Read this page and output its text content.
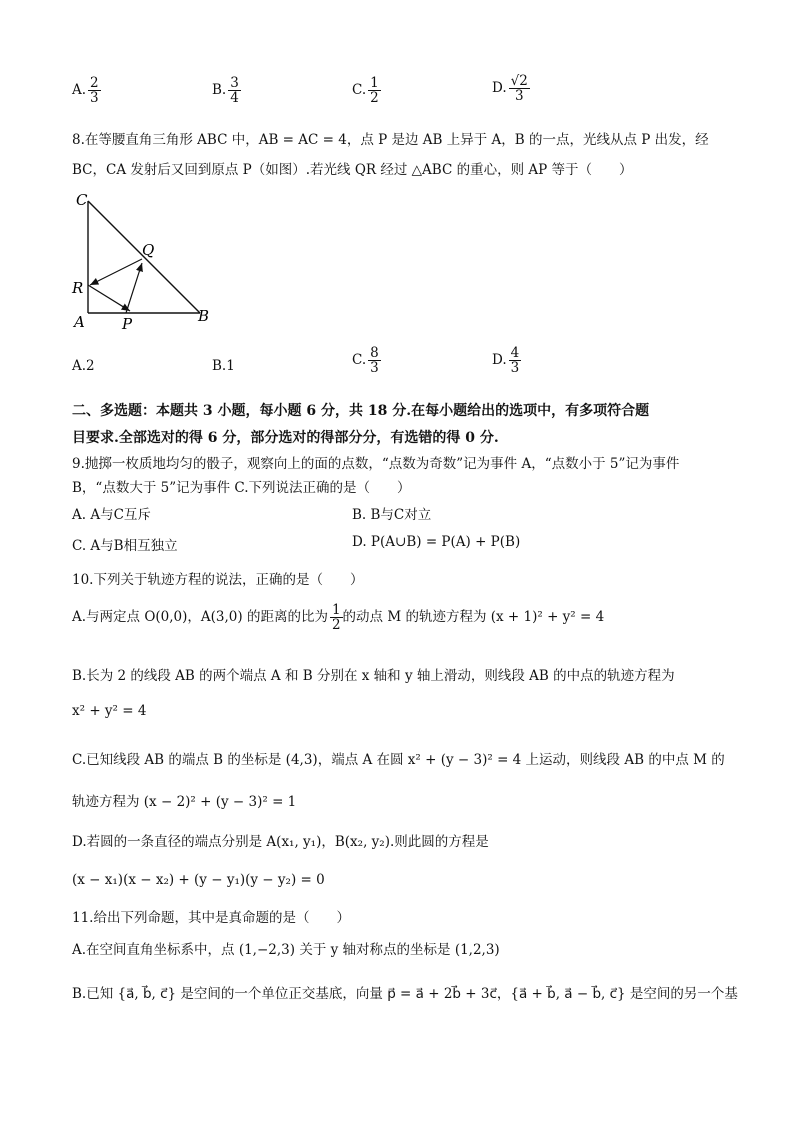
A. $\frac{2}{3}$	B. $\frac{3}{4}$	C. $\frac{1}{2}$	D. $\frac{√2}{3}$
8.在等腰直角三角形 ABC 中，AB = AC = 4，点 P 是边 AB 上异于 A，B 的一点，光线从点 P 出发，经
BC，CA 发射后又回到原点 P（如图）.若光线 QR 经过 △ABC 的重心，则 AP 等于（　　）
C
Q
R
A P	B
A.2	B.1	C. $\frac{8}{3}$	D. $\frac{4}{3}$
二、多选题：本题共 3 小题，每小题 6 分，共 18 分.在每小题给出的选项中，有多项符合题
目要求.全部选对的得 6 分，部分选对的得部分分，有选错的得 0 分.
9.抛掷一枚质地均匀的骰子，观察向上的面的点数，“点数为奇数”记为事件 A，“点数小于 5”记为事件
B，“点数大于 5”记为事件 C.下列说法正确的是（　　）
A. A与C互斥	B. B与C对立
C. A与B相互独立	D. P(A∪B) = P(A) + P(B)
10.下列关于轨迹方程的说法，正确的是（　　）
A.与两定点 O(0,0)，A(3,0) 的距离的比为 $\frac{1}{2}$ 的动点 M 的轨迹方程为 (x + 1)² + y² = 4
B.长为 2 的线段 AB 的两个端点 A 和 B 分别在 x 轴和 y 轴上滑动，则线段 AB 的中点的轨迹方程为
x² + y² = 4
C.已知线段 AB 的端点 B 的坐标是 (4,3)，端点 A 在圆 x² + (y − 3)² = 4 上运动，则线段 AB 的中点 M 的
轨迹方程为 (x − 2)² + (y − 3)² = 1
D.若圆的一条直径的端点分别是 A(x₁, y₁)，B(x₂, y₂).则此圆的方程是
(x − x₁)(x − x₂) + (y − y₁)(y − y₂) = 0
11.给出下列命题，其中是真命题的是（　　）
A.在空间直角坐标系中，点 (1,−2,3) 关于 y 轴对称点的坐标是 (1,2,3)
B.已知 {a⃗, b⃗, c⃗} 是空间的一个单位正交基底，向量 p⃗ = a⃗ + 2b⃗ + 3c⃗，{a⃗ + b⃗, a⃗ − b⃗, c⃗} 是空间的另一个基
